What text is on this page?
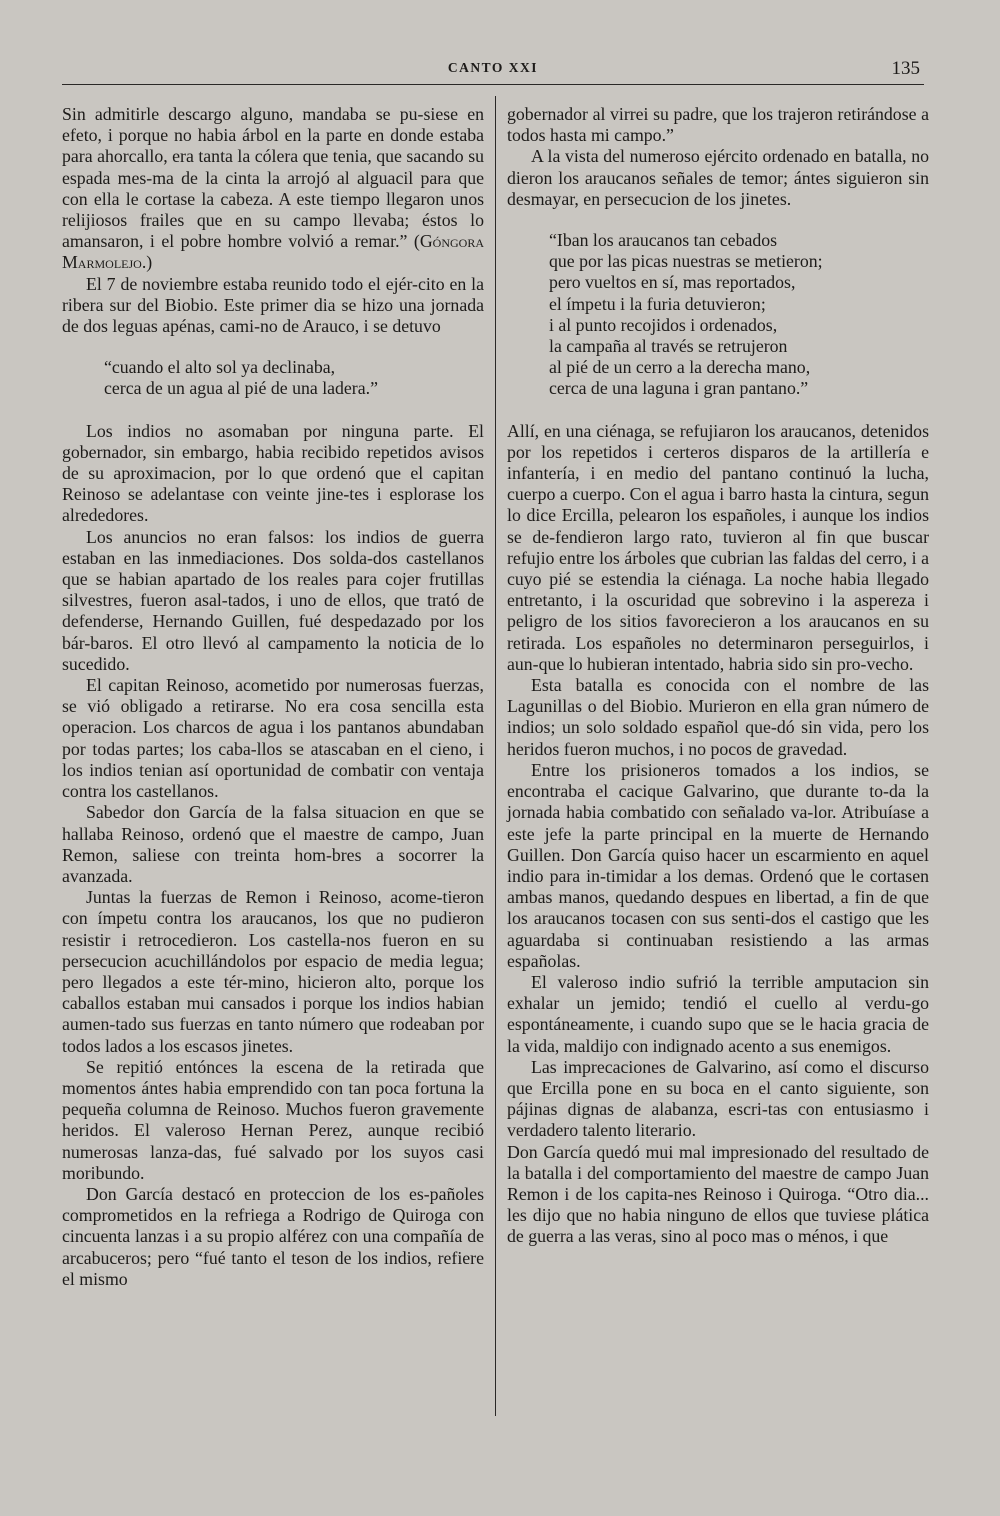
CANTO XXI	135

Sin admitirle descargo alguno, mandaba se pu-siese en efeto, i porque no habia árbol en la parte en donde estaba para ahorcallo, era tanta la cólera que tenia, que sacando su espada mes-ma de la cinta la arrojó al alguacil para que con ella le cortase la cabeza. A este tiempo llegaron unos relijiosos frailes que en su campo llevaba; éstos lo amansaron, i el pobre hombre volvió a remar.” (Góngora Marmolejo.)

El 7 de noviembre estaba reunido todo el ejér-cito en la ribera sur del Biobio. Este primer dia se hizo una jornada de dos leguas apénas, cami-no de Arauco, i se detuvo

“cuando el alto sol ya declinaba,
cerca de un agua al pié de una ladera.”

Los indios no asomaban por ninguna parte. El gobernador, sin embargo, habia recibido repetidos avisos de su aproximacion, por lo que ordenó que el capitan Reinoso se adelantase con veinte jine-tes i esplorase los alrededores.

Los anuncios no eran falsos: los indios de guerra estaban en las inmediaciones. Dos solda-dos castellanos que se habian apartado de los reales para cojer frutillas silvestres, fueron asal-tados, i uno de ellos, que trató de defenderse, Hernando Guillen, fué despedazado por los bár-baros. El otro llevó al campamento la noticia de lo sucedido.

El capitan Reinoso, acometido por numerosas fuerzas, se vió obligado a retirarse. No era cosa sencilla esta operacion. Los charcos de agua i los pantanos abundaban por todas partes; los caba-llos se atascaban en el cieno, i los indios tenian así oportunidad de combatir con ventaja contra los castellanos.

Sabedor don García de la falsa situacion en que se hallaba Reinoso, ordenó que el maestre de campo, Juan Remon, saliese con treinta hom-bres a socorrer la avanzada.

Juntas la fuerzas de Remon i Reinoso, acome-tieron con ímpetu contra los araucanos, los que no pudieron resistir i retrocedieron. Los castella-nos fueron en su persecucion acuchillándolos por espacio de media legua; pero llegados a este tér-mino, hicieron alto, porque los caballos estaban mui cansados i porque los indios habian aumen-tado sus fuerzas en tanto número que rodeaban por todos lados a los escasos jinetes.

Se repitió entónces la escena de la retirada que momentos ántes habia emprendido con tan poca fortuna la pequeña columna de Reinoso. Muchos fueron gravemente heridos. El valeroso Hernan Perez, aunque recibió numerosas lanza-das, fué salvado por los suyos casi moribundo.

Don García destacó en proteccion de los es-pañoles comprometidos en la refriega a Rodrigo de Quiroga con cincuenta lanzas i a su propio alférez con una compañía de arcabuceros; pero “fué tanto el teson de los indios, refiere el mismo

gobernador al virrei su padre, que los trajeron retirándose a todos hasta mi campo.”

A la vista del numeroso ejército ordenado en batalla, no dieron los araucanos señales de temor; ántes siguieron sin desmayar, en persecucion de los jinetes.

“Iban los araucanos tan cebados
que por las picas nuestras se metieron;
pero vueltos en sí, mas reportados,
el ímpetu i la furia detuvieron;
i al punto recojidos i ordenados,
la campaña al través se retrujeron
al pié de un cerro a la derecha mano,
cerca de una laguna i gran pantano.”

Allí, en una ciénaga, se refujiaron los araucanos, detenidos por los repetidos i certeros disparos de la artillería e infantería, i en medio del pantano continuó la lucha, cuerpo a cuerpo. Con el agua i barro hasta la cintura, segun lo dice Ercilla, pelearon los españoles, i aunque los indios se de-fendieron largo rato, tuvieron al fin que buscar refujio entre los árboles que cubrian las faldas del cerro, i a cuyo pié se estendia la ciénaga. La noche habia llegado entretanto, i la oscuridad que sobrevino i la aspereza i peligro de los sitios favorecieron a los araucanos en su retirada. Los españoles no determinaron perseguirlos, i aun-que lo hubieran intentado, habria sido sin pro-vecho.

Esta batalla es conocida con el nombre de las Lagunillas o del Biobio. Murieron en ella gran número de indios; un solo soldado español que-dó sin vida, pero los heridos fueron muchos, i no pocos de gravedad.

Entre los prisioneros tomados a los indios, se encontraba el cacique Galvarino, que durante to-da la jornada habia combatido con señalado va-lor. Atribuíase a este jefe la parte principal en la muerte de Hernando Guillen. Don García quiso hacer un escarmiento en aquel indio para in-timidar a los demas. Ordenó que le cortasen ambas manos, quedando despues en libertad, a fin de que los araucanos tocasen con sus senti-dos el castigo que les aguardaba si continuaban resistiendo a las armas españolas.

El valeroso indio sufrió la terrible amputacion sin exhalar un jemido; tendió el cuello al verdu-go espontáneamente, i cuando supo que se le hacia gracia de la vida, maldijo con indignado acento a sus enemigos.

Las imprecaciones de Galvarino, así como el discurso que Ercilla pone en su boca en el canto siguiente, son pájinas dignas de alabanza, escri-tas con entusiasmo i verdadero talento literario.

Don García quedó mui mal impresionado del resultado de la batalla i del comportamiento del maestre de campo Juan Remon i de los capita-nes Reinoso i Quiroga. “Otro dia... les dijo que no habia ninguno de ellos que tuviese plática de guerra a las veras, sino al poco mas o ménos, i que
